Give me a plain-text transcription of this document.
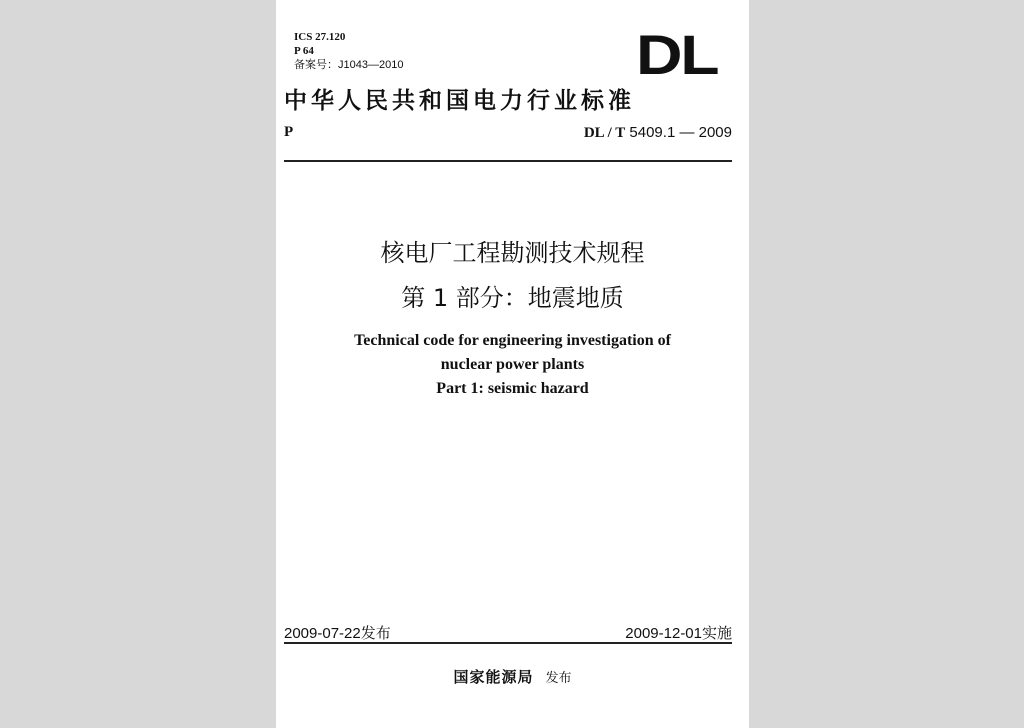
ICS 27.120
P 64
备案号：J1043—2010	DL
中华人民共和国电力行业标准
P	DL / T 5409.1 — 2009
核电厂工程勘测技术规程
第 1 部分：地震地质
Technical code for engineering investigation of
nuclear power plants
Part 1: seismic hazard
2009-07-22发布	2009-12-01实施
国家能源局 发布
